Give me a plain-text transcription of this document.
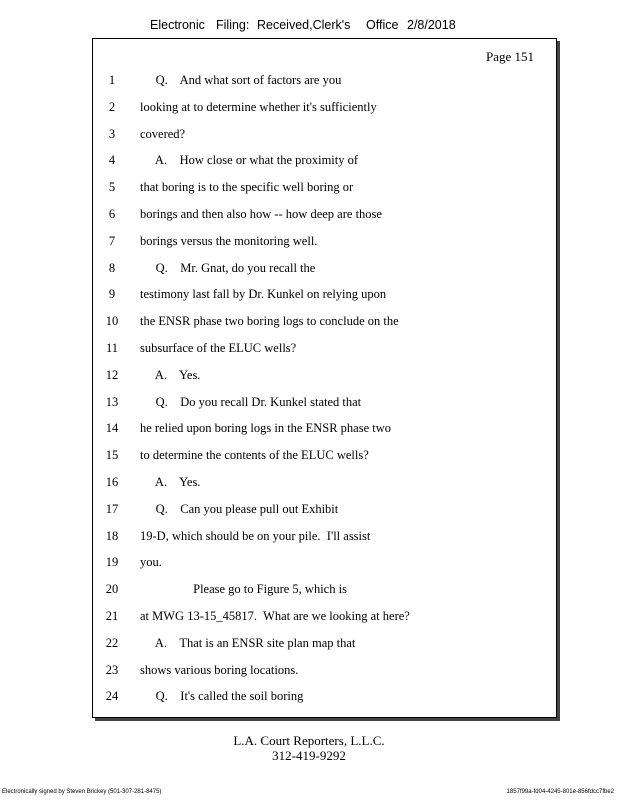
Electronic Filing: Received,Clerk's Office 2/8/2018
Page 151
1	Q.    And what sort of factors are you
2	looking at to determine whether it's sufficiently
3	covered?
4	A.    How close or what the proximity of
5	that boring is to the specific well boring or
6	borings and then also how -- how deep are those
7	borings versus the monitoring well.
8	Q.    Mr. Gnat, do you recall the
9	testimony last fall by Dr. Kunkel on relying upon
10	the ENSR phase two boring logs to conclude on the
11	subsurface of the ELUC wells?
12	A.    Yes.
13	Q.    Do you recall Dr. Kunkel stated that
14	he relied upon boring logs in the ENSR phase two
15	to determine the contents of the ELUC wells?
16	A.    Yes.
17	Q.    Can you please pull out Exhibit
18	19-D, which should be on your pile.  I'll assist
19	you.
20	Please go to Figure 5, which is
21	at MWG 13-15_45817.  What are we looking at here?
22	A.    That is an ENSR site plan map that
23	shows various boring locations.
24	Q.    It's called the soil boring
L.A. Court Reporters, L.L.C.
312-419-9292
Electronically signed by Steven Brickey (501-307-281-8475)	1857f99a-fd04-4245-801e-856fdcc7fbe2
